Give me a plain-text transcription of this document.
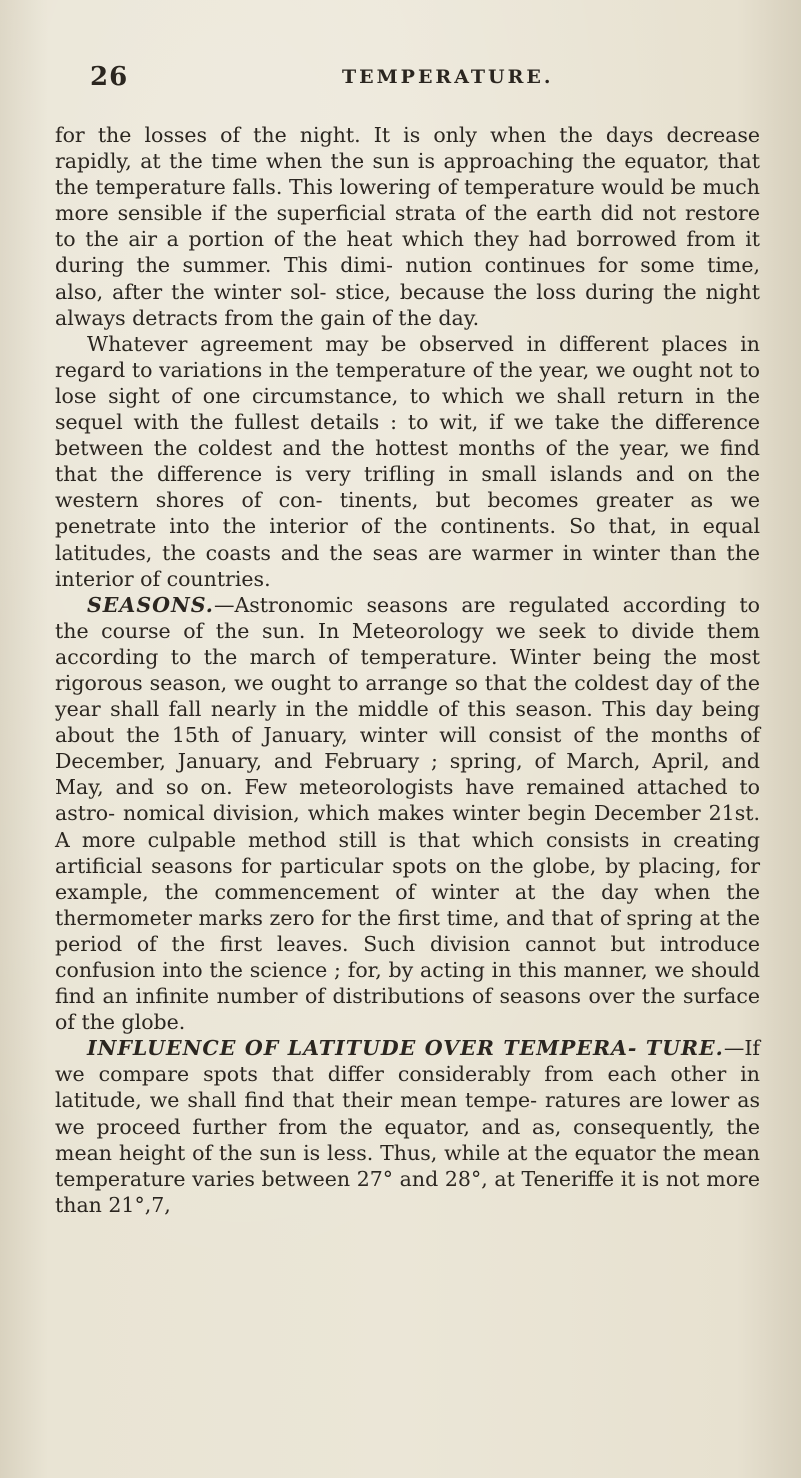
26	TEMPERATURE.

for the losses of the night. It is only when the days decrease rapidly, at the time when the sun is approaching the equator, that the temperature falls. This lowering of temperature would be much more sensible if the superficial strata of the earth did not restore to the air a portion of the heat which they had borrowed from it during the summer. This dimi- nution continues for some time, also, after the winter sol- stice, because the loss during the night always detracts from the gain of the day.

Whatever agreement may be observed in different places in regard to variations in the temperature of the year, we ought not to lose sight of one circumstance, to which we shall return in the sequel with the fullest details : to wit, if we take the difference between the coldest and the hottest months of the year, we find that the difference is very trifling in small islands and on the western shores of con- tinents, but becomes greater as we penetrate into the interior of the continents. So that, in equal latitudes, the coasts and the seas are warmer in winter than the interior of countries.

SEASONS.—Astronomic seasons are regulated according to the course of the sun. In Meteorology we seek to divide them according to the march of temperature. Winter being the most rigorous season, we ought to arrange so that the coldest day of the year shall fall nearly in the middle of this season. This day being about the 15th of January, winter will consist of the months of December, January, and February ; spring, of March, April, and May, and so on. Few meteorologists have remained attached to astro- nomical division, which makes winter begin December 21st. A more culpable method still is that which consists in creating artificial seasons for particular spots on the globe, by placing, for example, the commencement of winter at the day when the thermometer marks zero for the first time, and that of spring at the period of the first leaves. Such division cannot but introduce confusion into the science ; for, by acting in this manner, we should find an infinite number of distributions of seasons over the surface of the globe.

INFLUENCE OF LATITUDE OVER TEMPERA- TURE.—If we compare spots that differ considerably from each other in latitude, we shall find that their mean tempe- ratures are lower as we proceed further from the equator, and as, consequently, the mean height of the sun is less. Thus, while at the equator the mean temperature varies between 27° and 28°, at Teneriffe it is not more than 21°,7,
